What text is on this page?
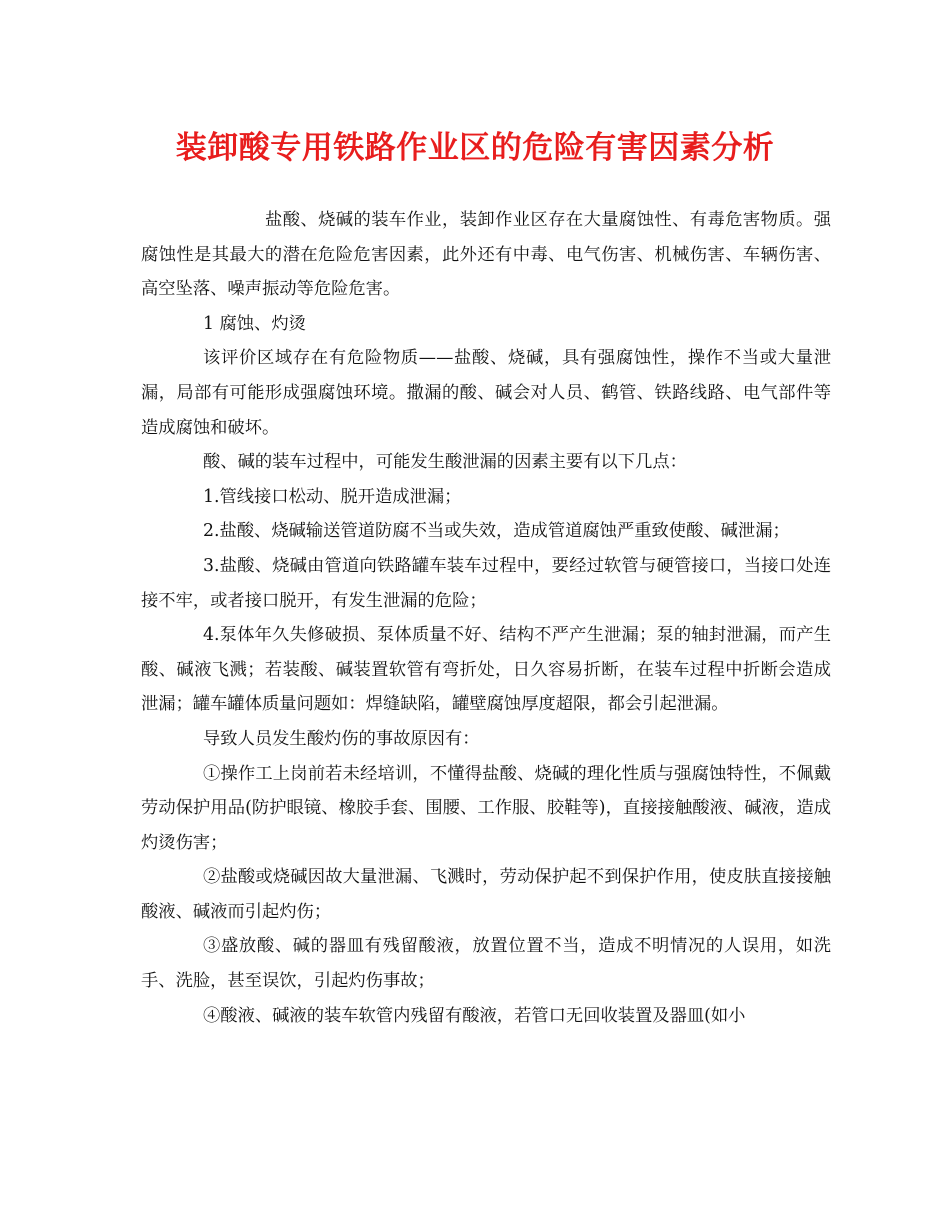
装卸酸专用铁路作业区的危险有害因素分析

盐酸、烧碱的装车作业，装卸作业区存在大量腐蚀性、有毒危害物质。强腐蚀性是其最大的潜在危险危害因素，此外还有中毒、电气伤害、机械伤害、车辆伤害、高空坠落、噪声振动等危险危害。

1 腐蚀、灼烫

该评价区域存在有危险物质——盐酸、烧碱，具有强腐蚀性，操作不当或大量泄漏，局部有可能形成强腐蚀环境。撒漏的酸、碱会对人员、鹤管、铁路线路、电气部件等造成腐蚀和破坏。

酸、碱的装车过程中，可能发生酸泄漏的因素主要有以下几点：

1.管线接口松动、脱开造成泄漏；

2.盐酸、烧碱输送管道防腐不当或失效，造成管道腐蚀严重致使酸、碱泄漏；

3.盐酸、烧碱由管道向铁路罐车装车过程中，要经过软管与硬管接口，当接口处连接不牢，或者接口脱开，有发生泄漏的危险；

4.泵体年久失修破损、泵体质量不好、结构不严产生泄漏；泵的轴封泄漏，而产生酸、碱液飞溅；若装酸、碱装置软管有弯折处，日久容易折断，在装车过程中折断会造成泄漏；罐车罐体质量问题如：焊缝缺陷，罐壁腐蚀厚度超限，都会引起泄漏。

导致人员发生酸灼伤的事故原因有：

①操作工上岗前若未经培训，不懂得盐酸、烧碱的理化性质与强腐蚀特性，不佩戴劳动保护用品(防护眼镜、橡胶手套、围腰、工作服、胶鞋等)，直接接触酸液、碱液，造成灼烫伤害；

②盐酸或烧碱因故大量泄漏、飞溅时，劳动保护起不到保护作用，使皮肤直接接触酸液、碱液而引起灼伤；

③盛放酸、碱的器皿有残留酸液，放置位置不当，造成不明情况的人误用，如洗手、洗脸，甚至误饮，引起灼伤事故；

④酸液、碱液的装车软管内残留有酸液，若管口无回收装置及器皿(如小
